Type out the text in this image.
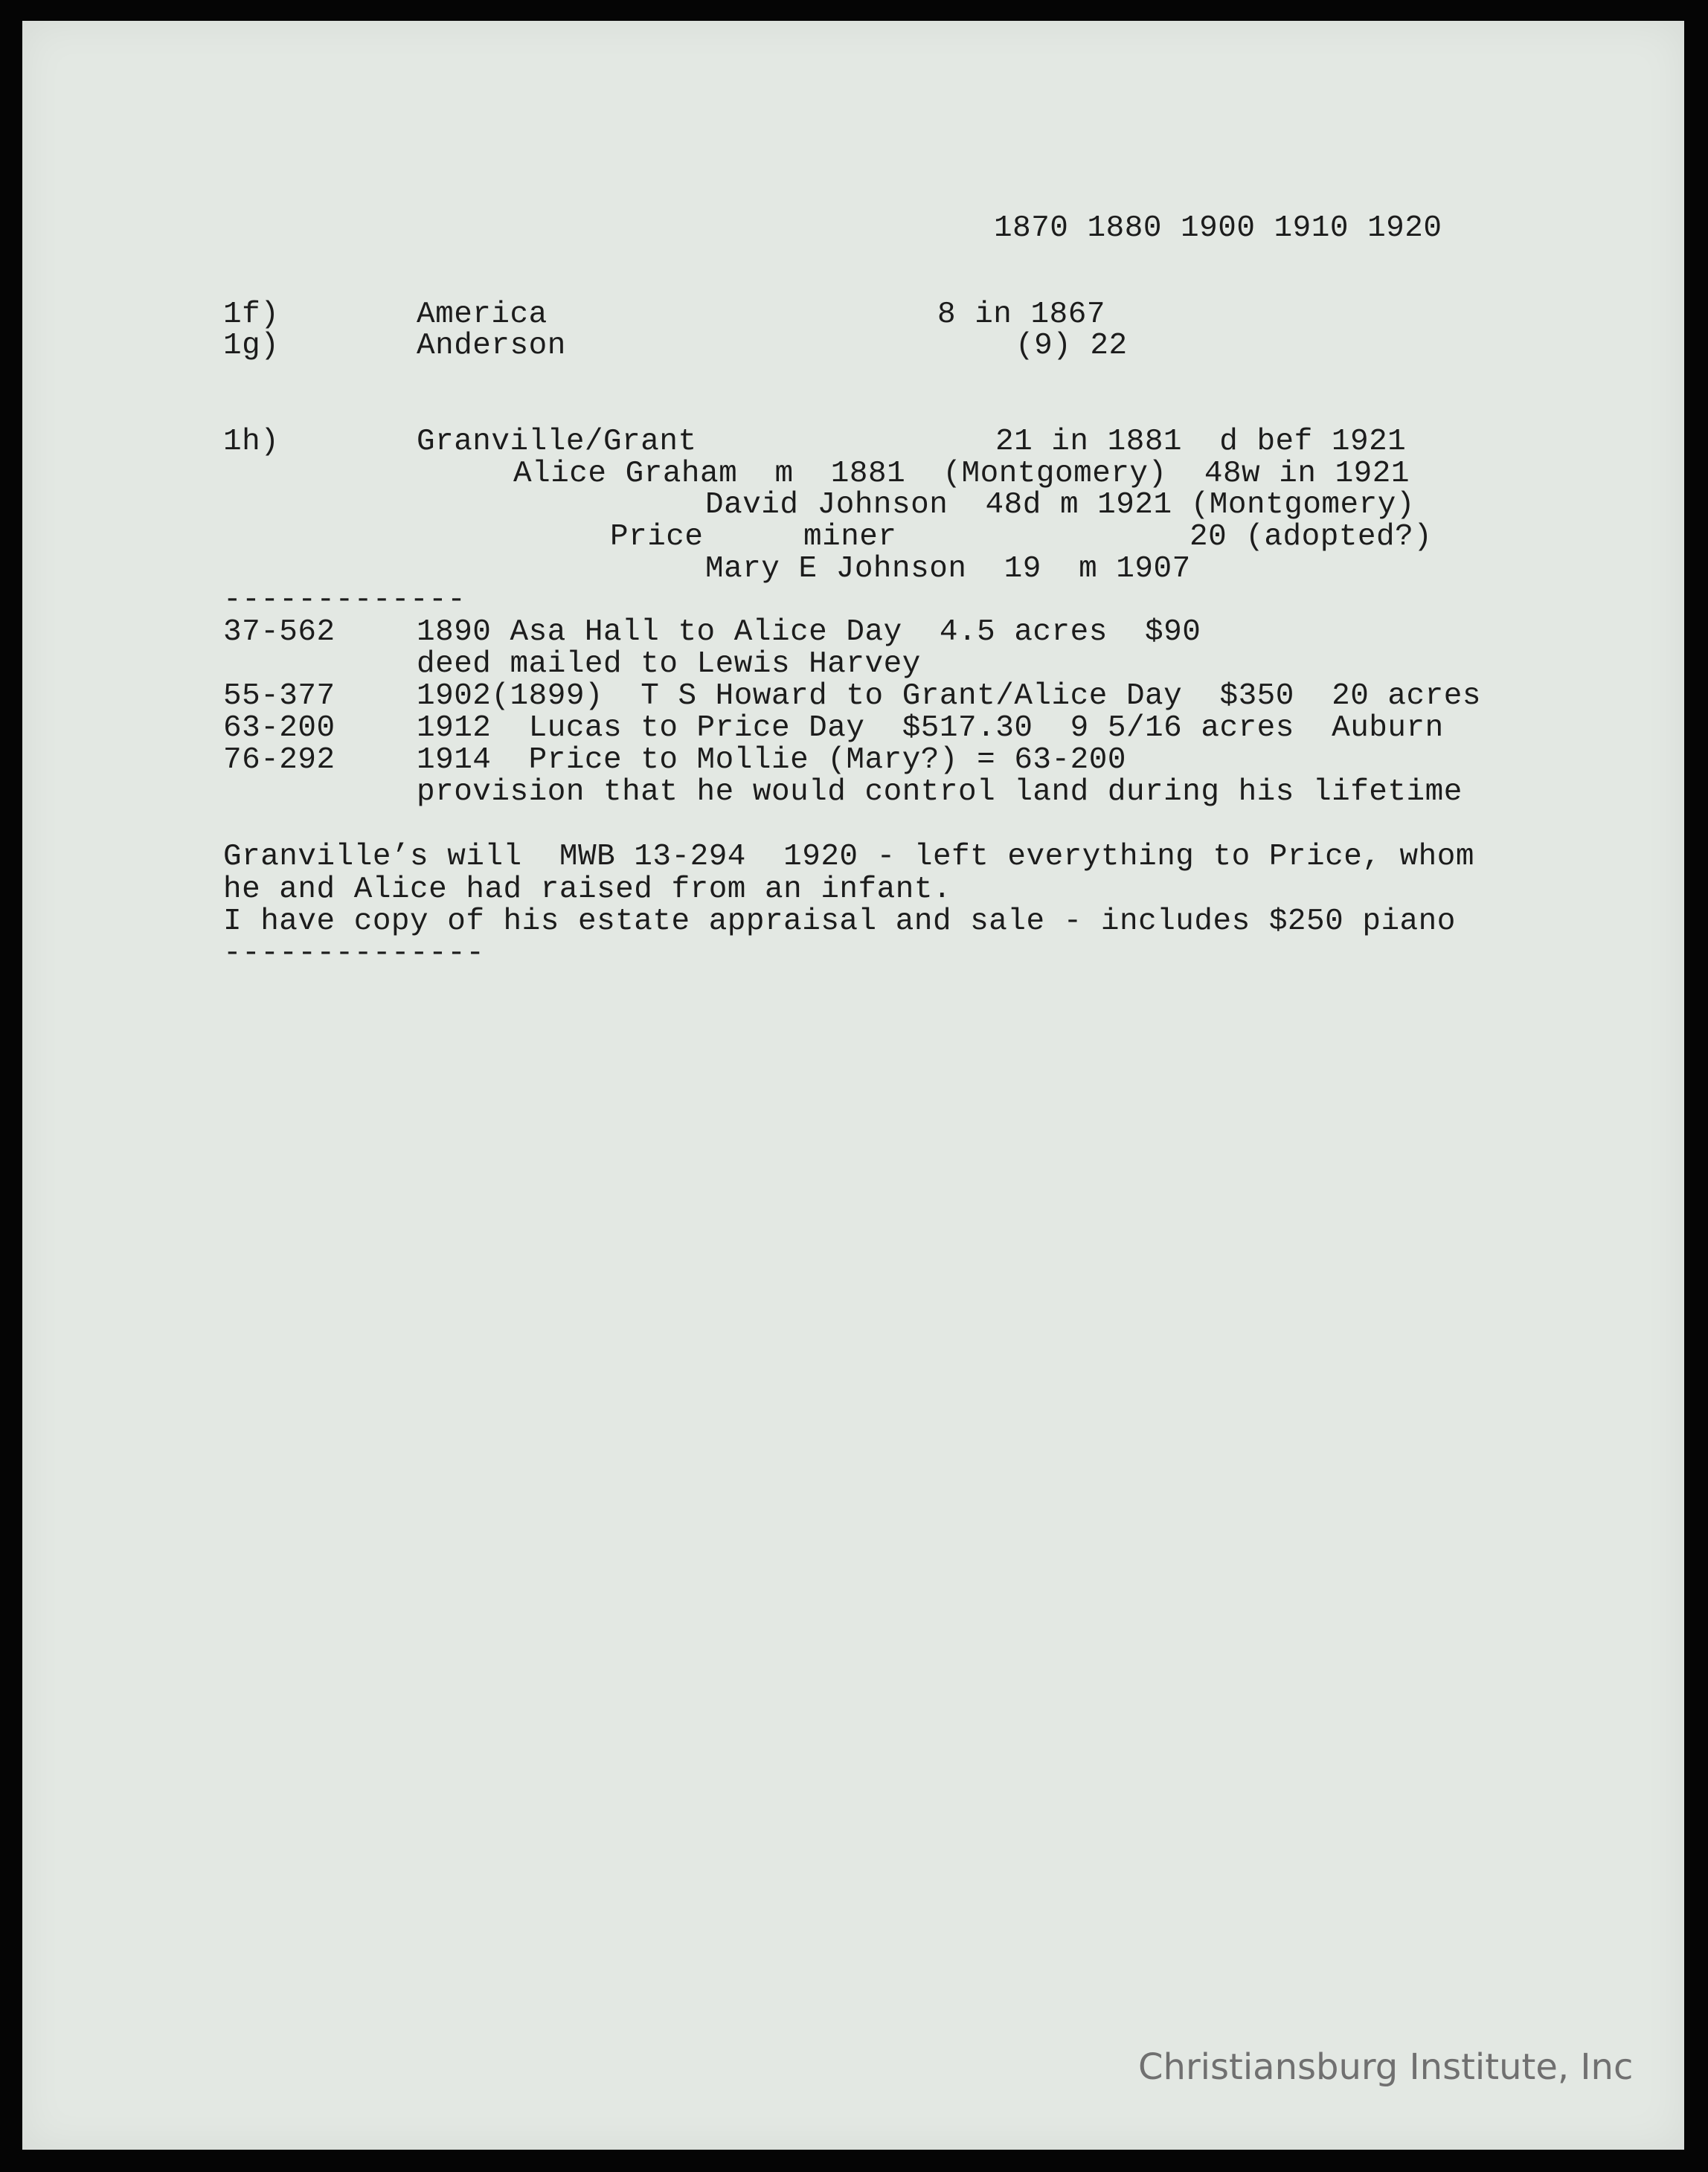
1870 1880 1900 1910 1920
1f)	America	8 in 1867
1g)	Anderson	(9) 22
1h)	Granville/Grant	21 in 1881  d bef 1921
Alice Graham  m  1881  (Montgomery)  48w in 1921
David Johnson  48d m 1921 (Montgomery)
Price	miner	20 (adopted?)
Mary E Johnson  19  m 1907
-------------
37-562	1890 Asa Hall to Alice Day  4.5 acres  $90
deed mailed to Lewis Harvey
55-377	1902(1899)  T S Howard to Grant/Alice Day  $350  20 acres
63-200	1912  Lucas to Price Day  $517.30  9 5/16 acres  Auburn
76-292	1914  Price to Mollie (Mary?) = 63-200
provision that he would control land during his lifetime
Granville’s will  MWB 13-294  1920 - left everything to Price, whom
he and Alice had raised from an infant.
I have copy of his estate appraisal and sale - includes $250 piano
--------------
Christiansburg Institute, Inc
